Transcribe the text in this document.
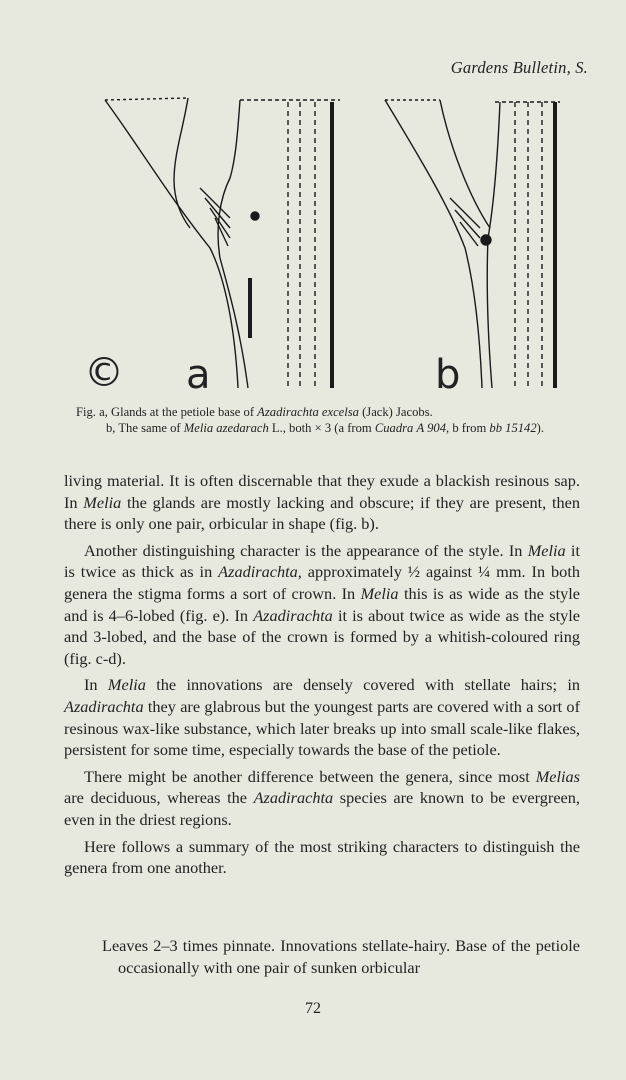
Gardens Bulletin, S.
© a	b
Fig. a, Glands at the petiole base of Azadirachta excelsa (Jack) Jacobs.
b, The same of Melia azedarach L., both × 3 (a from Cuadra A 904, b from bb 15142).

living material. It is often discernable that they exude a blackish resinous sap. In Melia the glands are mostly lacking and obscure; if they are present, then there is only one pair, orbicular in shape (fig. b).

Another distinguishing character is the appearance of the style. In Melia it is twice as thick as in Azadirachta, approximately ½ against ¼ mm. In both genera the stigma forms a sort of crown. In Melia this is as wide as the style and is 4–6-lobed (fig. e). In Azadirachta it is about twice as wide as the style and 3-lobed, and the base of the crown is formed by a whitish-coloured ring (fig. c-d).

In Melia the innovations are densely covered with stellate hairs; in Azadirachta they are glabrous but the youngest parts are covered with a sort of resinous wax-like substance, which later breaks up into small scale-like flakes, persistent for some time, especially towards the base of the petiole.

There might be another difference between the genera, since most Melias are deciduous, whereas the Azadirachta species are known to be evergreen, even in the driest regions.

Here follows a summary of the most striking characters to distinguish the genera from one another.

Leaves 2–3 times pinnate. Innovations stellate-hairy. Base of the petiole occasionally with one pair of sunken orbicular

72
